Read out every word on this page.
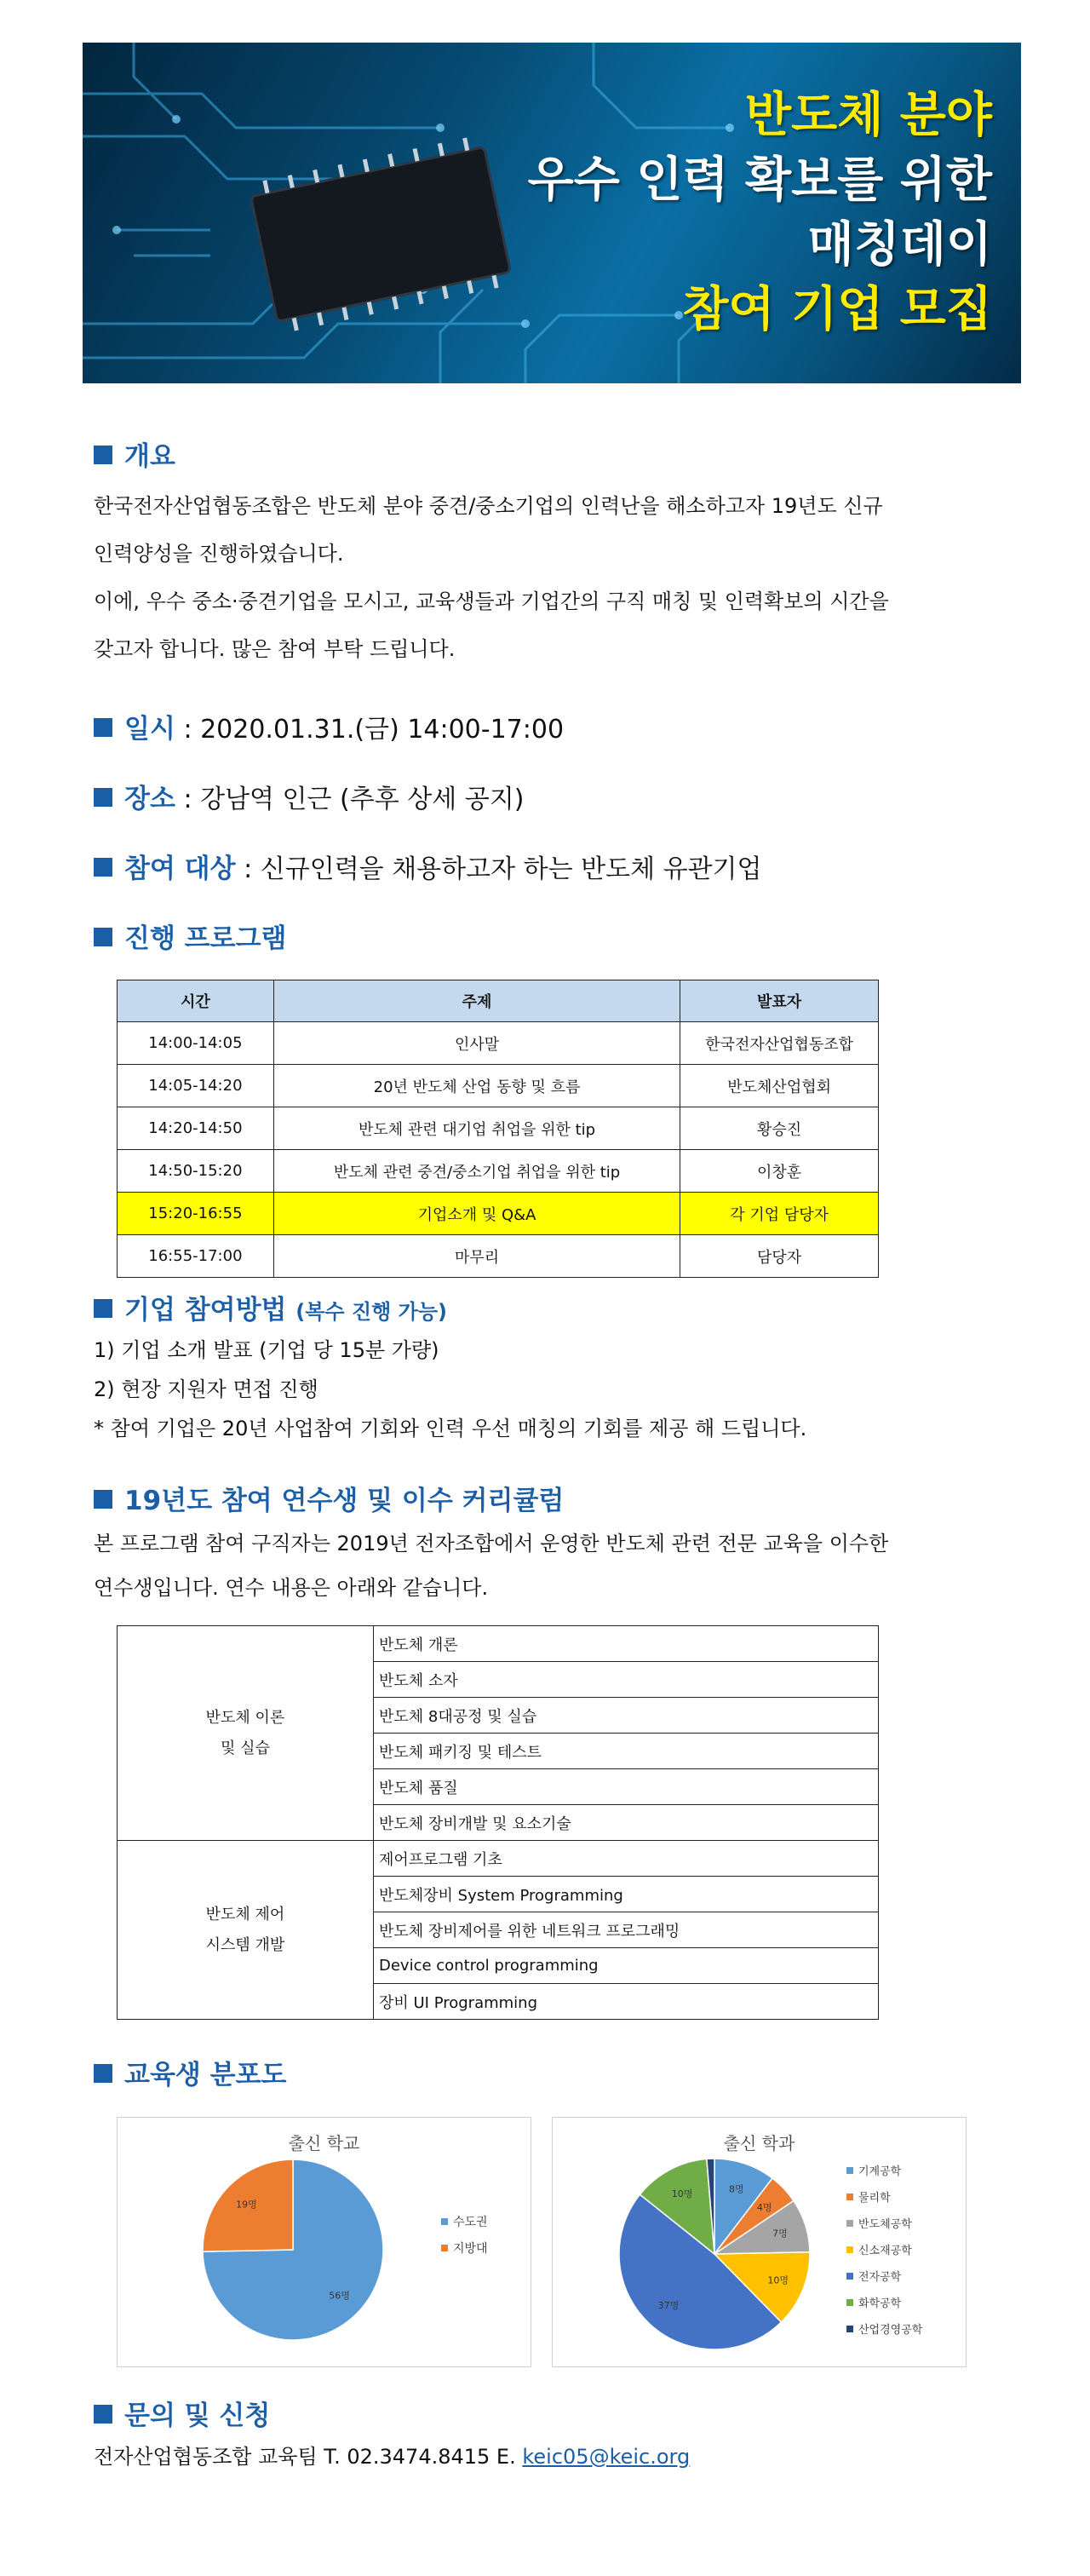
반도체 분야
우수 인력 확보를 위한
매칭데이
참여 기업 모집
개요
한국전자산업협동조합은 반도체 분야 중견/중소기업의 인력난을 해소하고자 19년도 신규
인력양성을 진행하였습니다.
이에, 우수 중소·중견기업을 모시고, 교육생들과 기업간의 구직 매칭 및 인력확보의 시간을
갖고자 합니다. 많은 참여 부탁 드립니다.
일시 : 2020.01.31.(금) 14:00-17:00
장소 : 강남역 인근 (추후 상세 공지)
참여 대상 : 신규인력을 채용하고자 하는 반도체 유관기업
진행 프로그램
시간	주제	발표자
14:00-14:05	인사말	한국전자산업협동조합
14:05-14:20	20년 반도체 산업 동향 및 흐름	반도체산업협회
14:20-14:50	반도체 관련 대기업 취업을 위한 tip	황승진
14:50-15:20	반도체 관련 중견/중소기업 취업을 위한 tip	이창훈
15:20-16:55	기업소개 및 Q&A	각 기업 담당자
16:55-17:00	마무리	담당자
기업 참여방법 (복수 진행 가능)
1) 기업 소개 발표 (기업 당 15분 가량)
2) 현장 지원자 면접 진행
* 참여 기업은 20년 사업참여 기회와 인력 우선 매칭의 기회를 제공 해 드립니다.
19년도 참여 연수생 및 이수 커리큘럼
본 프로그램 참여 구직자는 2019년 전자조합에서 운영한 반도체 관련 전문 교육을 이수한
연수생입니다. 연수 내용은 아래와 같습니다.
반도체 이론
및 실습	반도체 개론
	반도체 소자
	반도체 8대공정 및 실습
	반도체 패키징 및 테스트
	반도체 품질
	반도체 장비개발 및 요소기술

반도체 제어
시스템 개발	제어프로그램 기초
	반도체장비 System Programming
	반도체 장비제어를 위한 네트워크 프로그래밍
	Device control programming
	장비 UI Programming
교육생 분포도
출신 학교
56명
19명
수도권
지방대
출신 학과
8명
4명
7명
10명
37명
10명
기계공학
물리학
반도체공학
신소재공학
전자공학
화학공학
산업경영공학
문의 및 신청
전자산업협동조합 교육팀 T. 02.3474.8415 E. keic05@keic.org
